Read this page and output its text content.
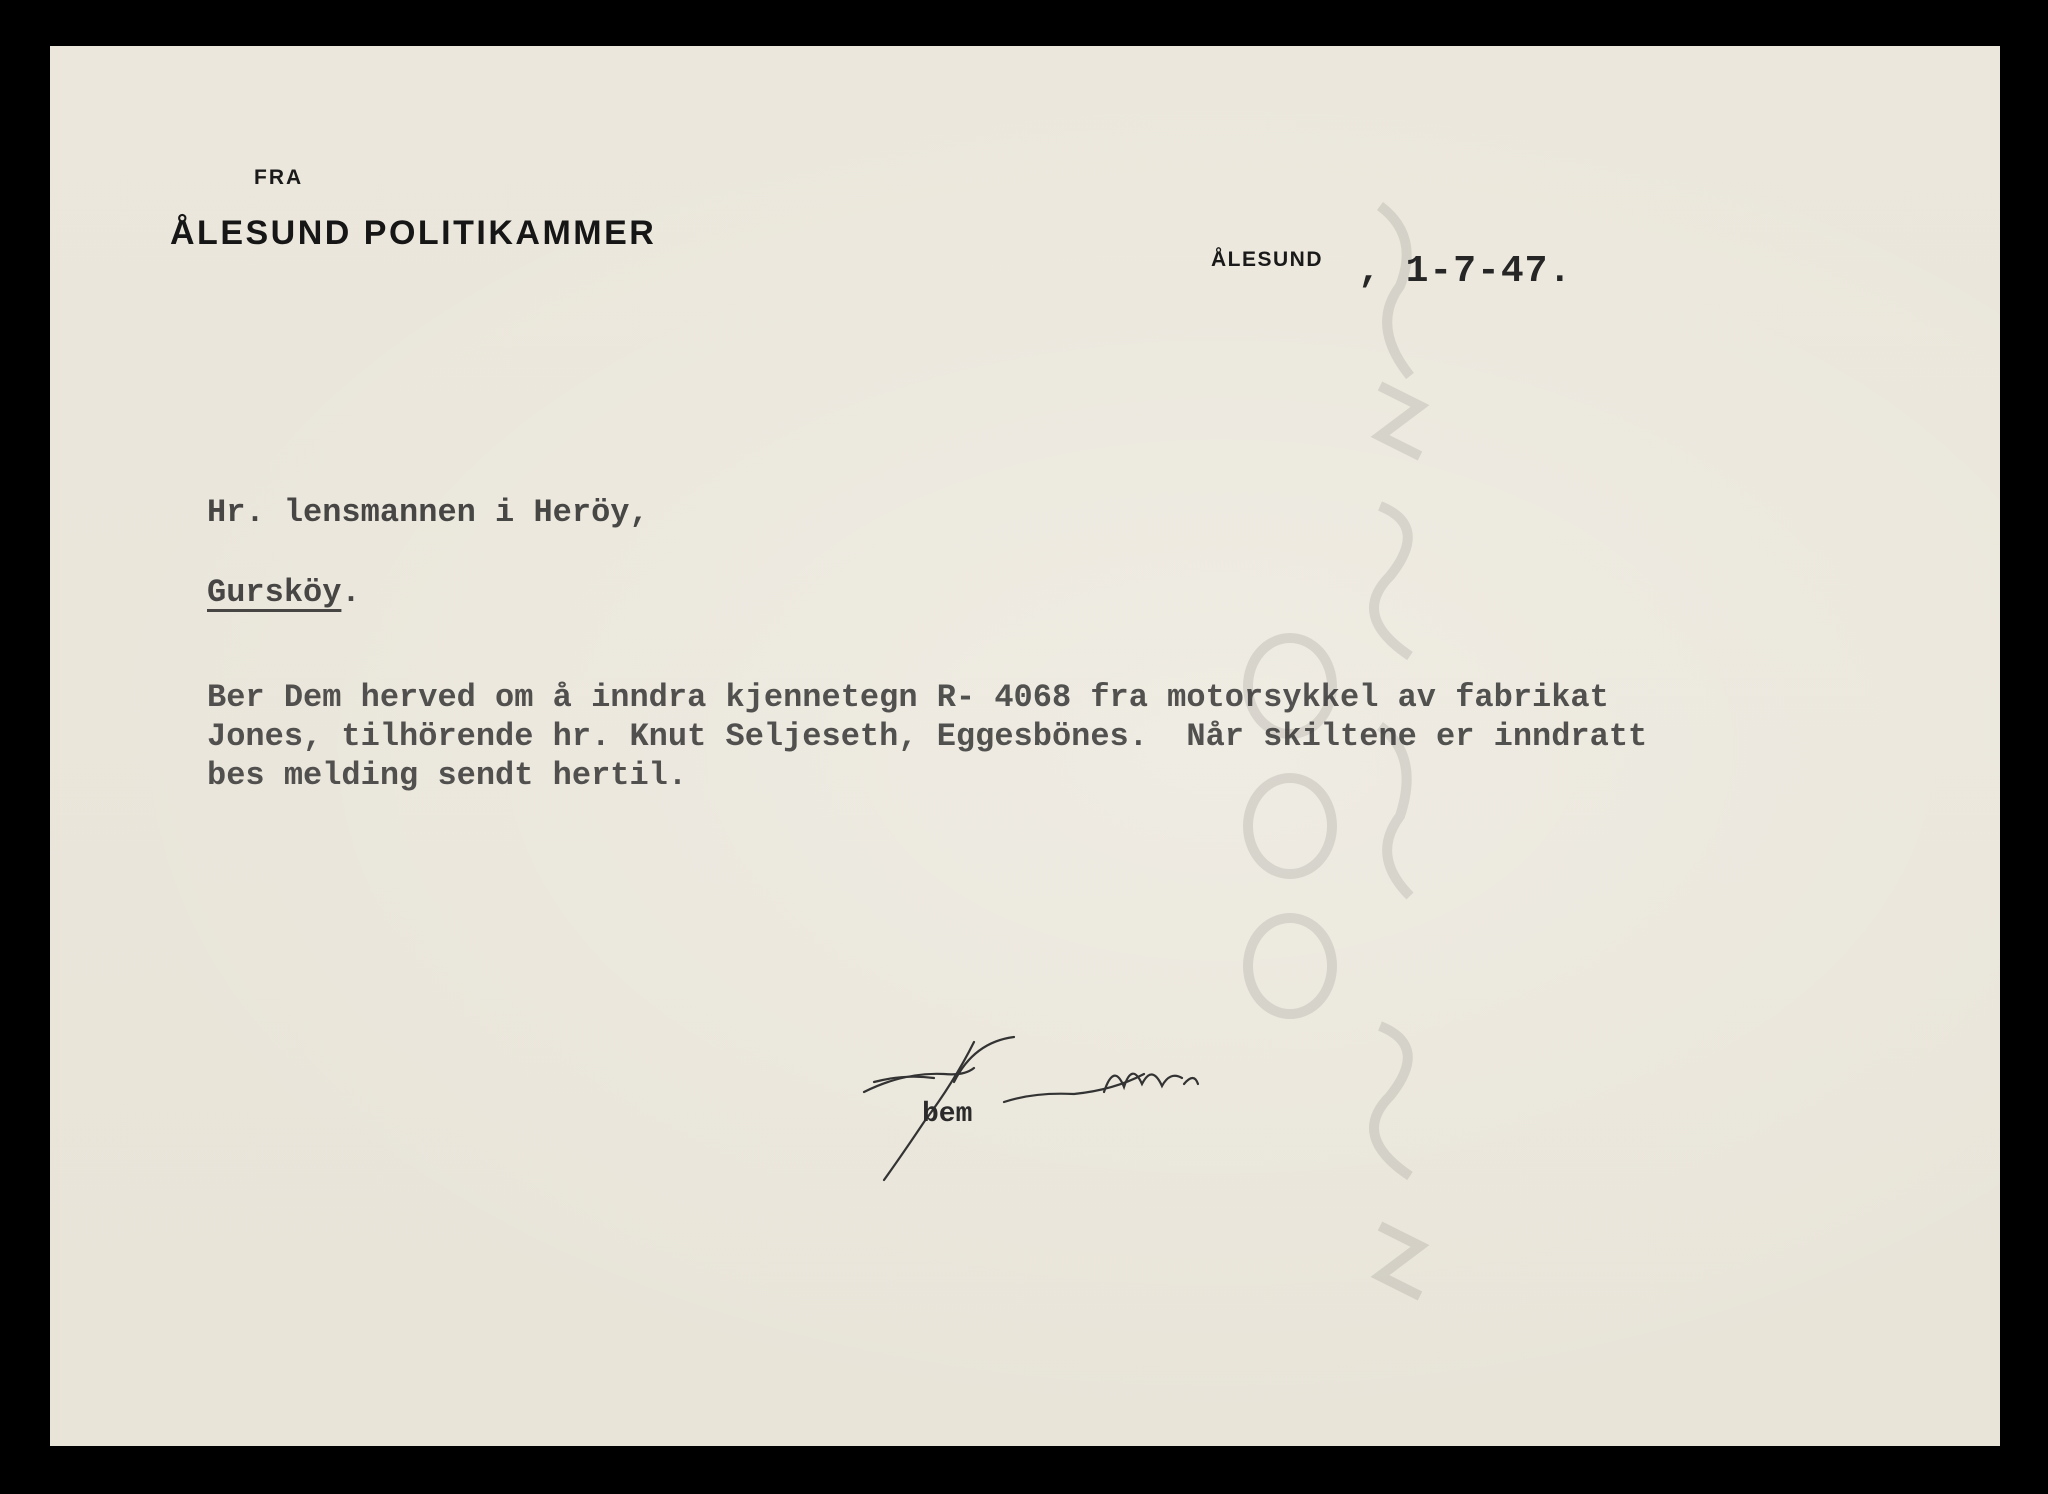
FRA
ÅLESUND POLITIKAMMER
ÅLESUND , 1-7-47.
Hr. lensmannen i Heröy,
Gursköy.
Ber Dem herved om å inndra kjennetegn R- 4068 fra motorsykkel av fabrikat
Jones, tilhörende hr. Knut Seljeseth, Eggesbönes.  Når skiltene er inndratt
bes melding sendt hertil.
bem
